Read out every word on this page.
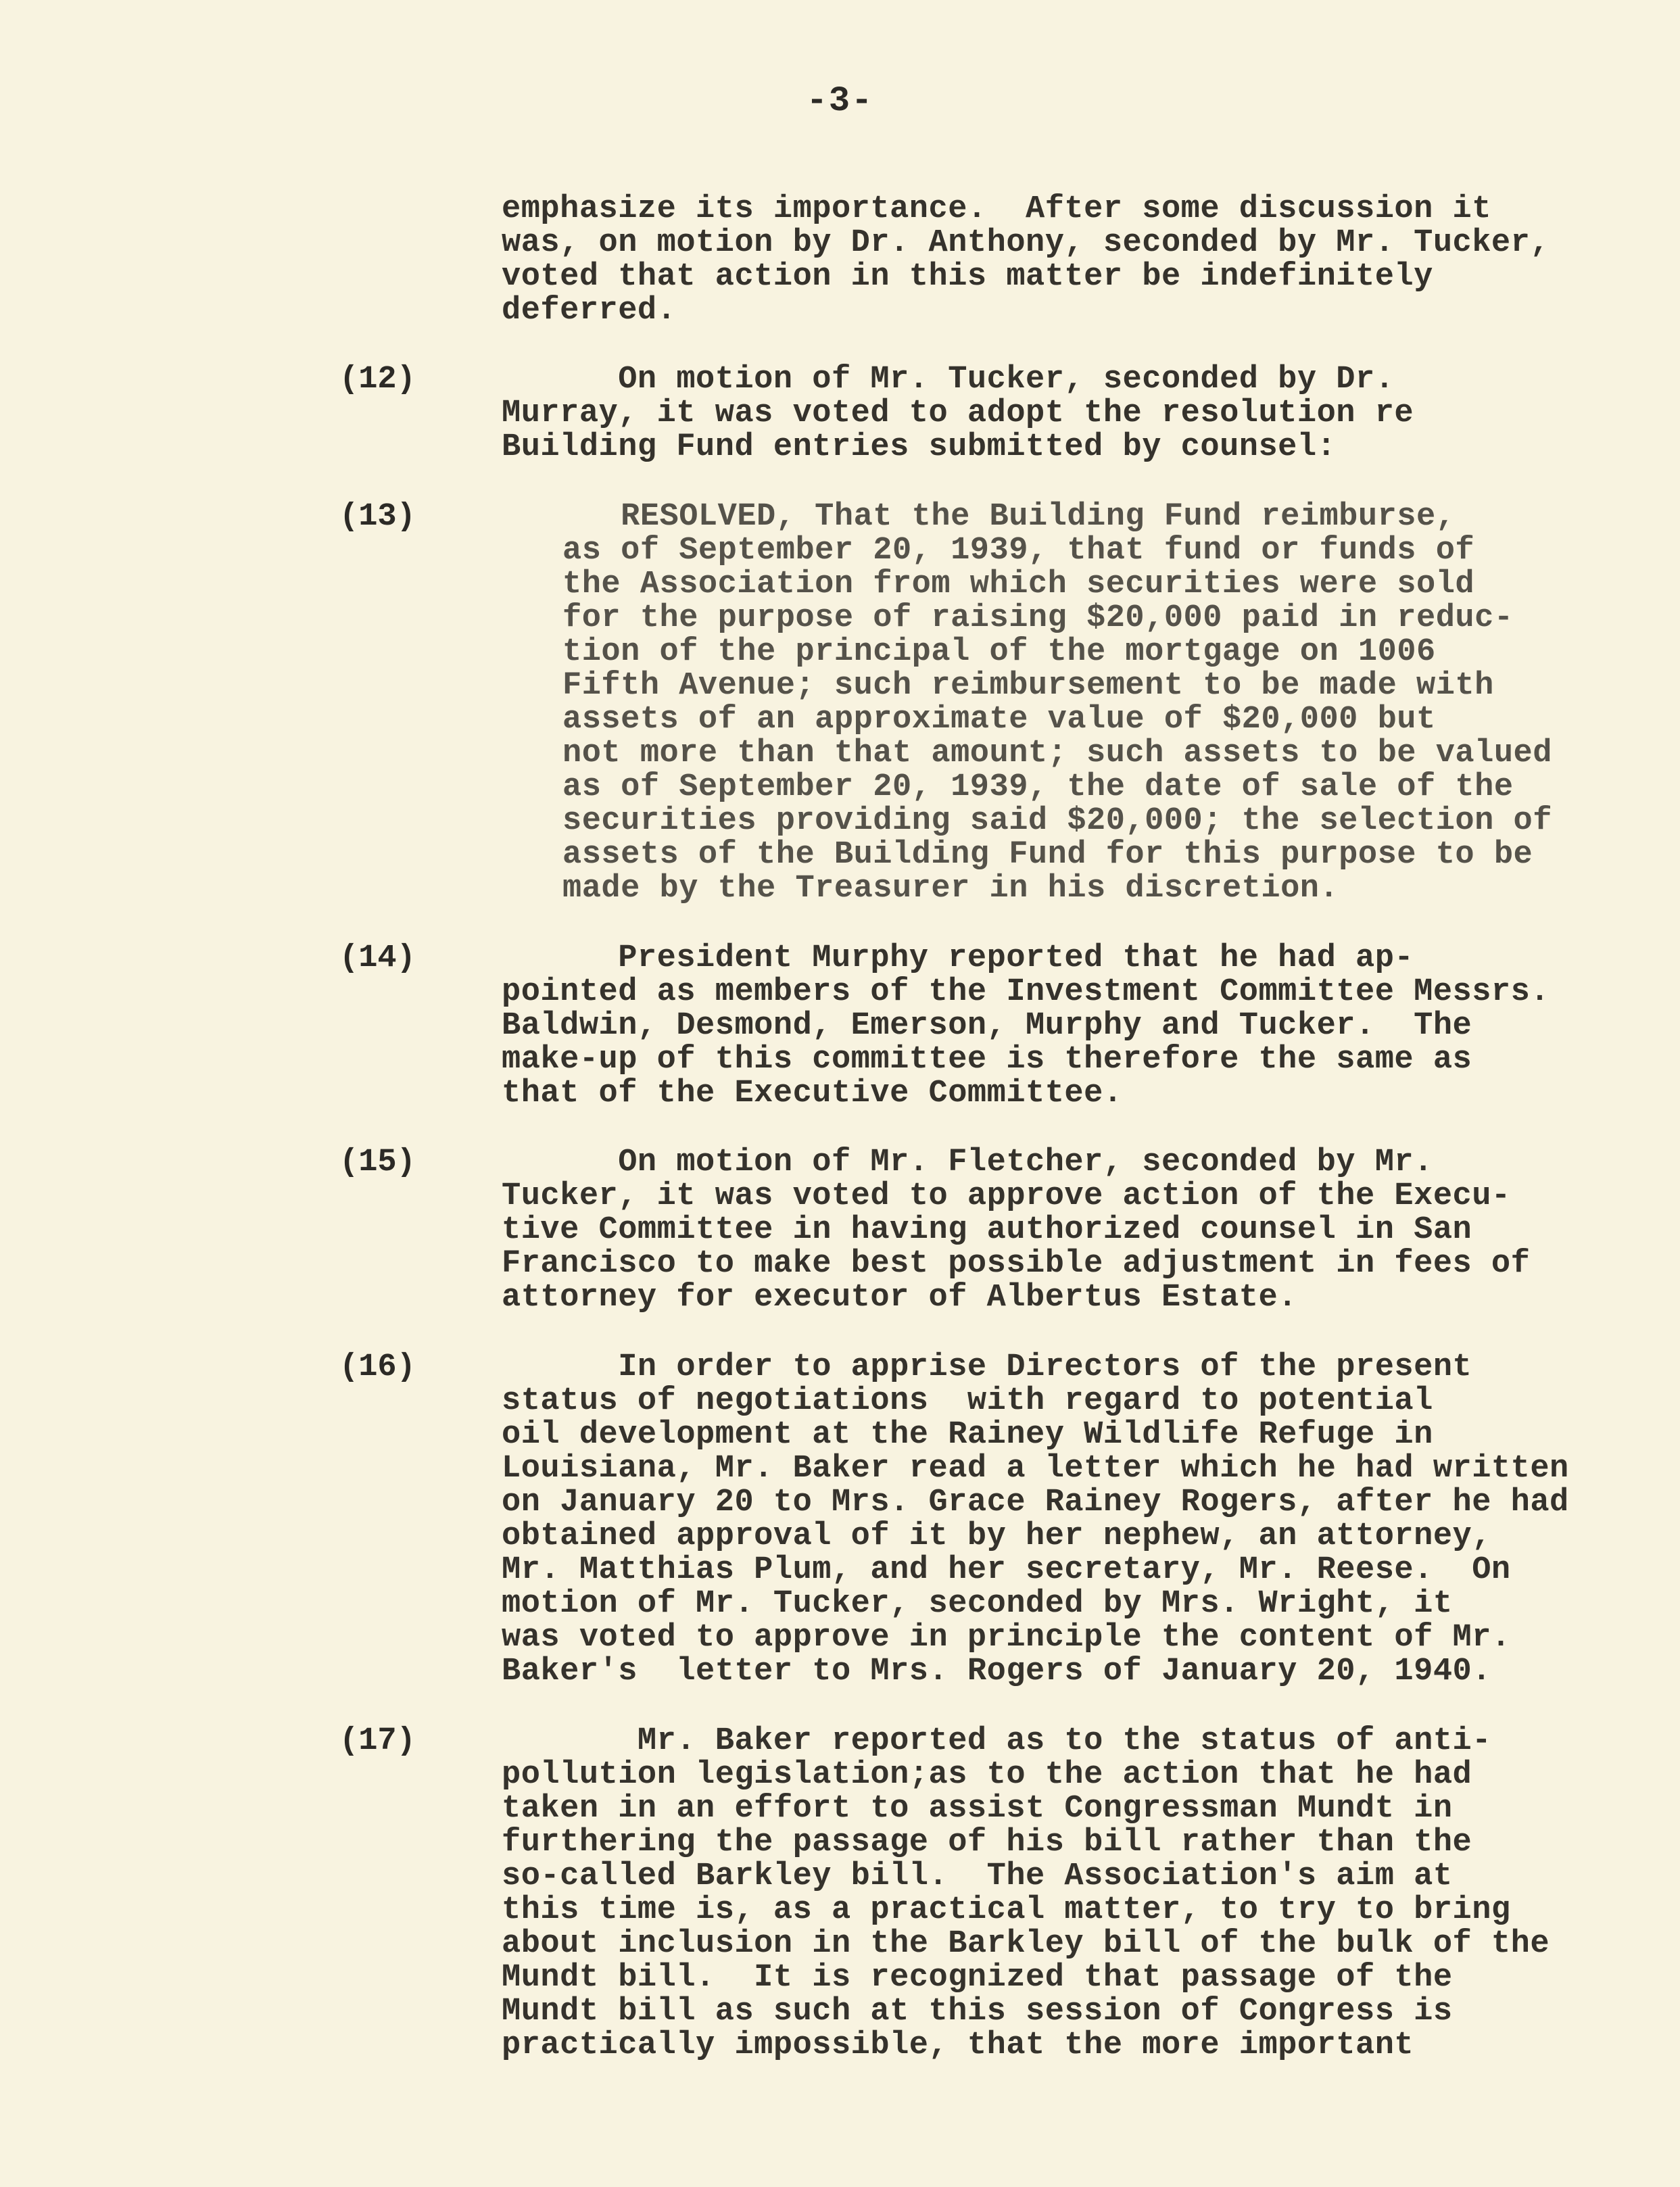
-3-
emphasize its importance.  After some discussion it
was, on motion by Dr. Anthony, seconded by Mr. Tucker,
voted that action in this matter be indefinitely
deferred.
(12)	On motion of Mr. Tucker, seconded by Dr.
Murray, it was voted to adopt the resolution re
Building Fund entries submitted by counsel:
(13)	RESOLVED, That the Building Fund reimburse,
as of September 20, 1939, that fund or funds of
the Association from which securities were sold
for the purpose of raising $20,000 paid in reduc-
tion of the principal of the mortgage on 1006
Fifth Avenue; such reimbursement to be made with
assets of an approximate value of $20,000 but
not more than that amount; such assets to be valued
as of September 20, 1939, the date of sale of the
securities providing said $20,000; the selection of
assets of the Building Fund for this purpose to be
made by the Treasurer in his discretion.
(14)	President Murphy reported that he had ap-
pointed as members of the Investment Committee Messrs.
Baldwin, Desmond, Emerson, Murphy and Tucker.  The
make-up of this committee is therefore the same as
that of the Executive Committee.
(15)	On motion of Mr. Fletcher, seconded by Mr.
Tucker, it was voted to approve action of the Execu-
tive Committee in having authorized counsel in San
Francisco to make best possible adjustment in fees of
attorney for executor of Albertus Estate.
(16)	In order to apprise Directors of the present
status of negotiations  with regard to potential
oil development at the Rainey Wildlife Refuge in
Louisiana, Mr. Baker read a letter which he had written
on January 20 to Mrs. Grace Rainey Rogers, after he had
obtained approval of it by her nephew, an attorney,
Mr. Matthias Plum, and her secretary, Mr. Reese.  On
motion of Mr. Tucker, seconded by Mrs. Wright, it
was voted to approve in principle the content of Mr.
Baker's  letter to Mrs. Rogers of January 20, 1940.
(17)	Mr. Baker reported as to the status of anti-
pollution legislation;as to the action that he had
taken in an effort to assist Congressman Mundt in
furthering the passage of his bill rather than the
so-called Barkley bill.  The Association's aim at
this time is, as a practical matter, to try to bring
about inclusion in the Barkley bill of the bulk of the
Mundt bill.  It is recognized that passage of the
Mundt bill as such at this session of Congress is
practically impossible, that the more important
